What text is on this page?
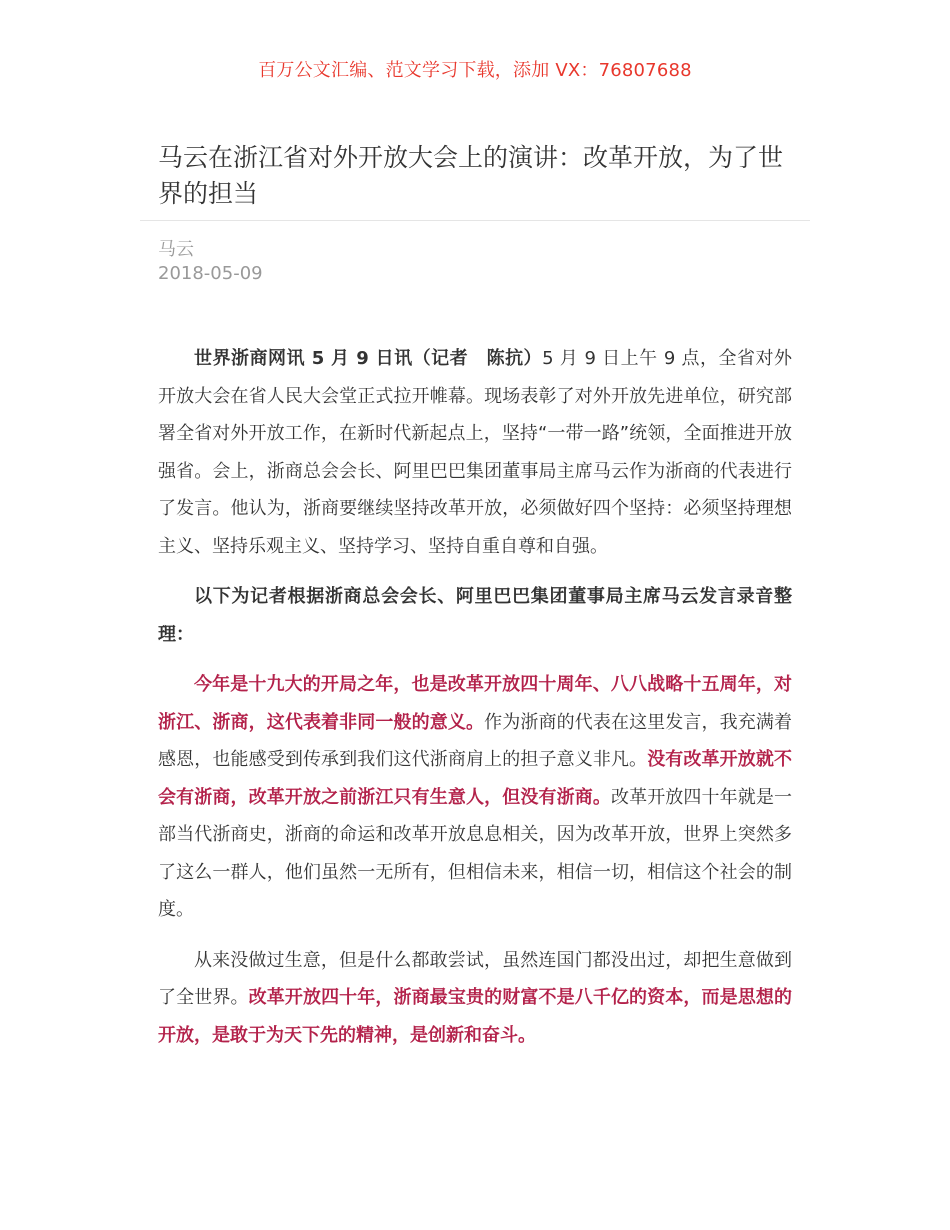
百万公文汇编、范文学习下载，添加 VX：76807688
马云在浙江省对外开放大会上的演讲：改革开放，为了世界的担当
马云
2018-05-09

世界浙商网讯 5 月 9 日讯（记者　陈抗）5 月 9 日上午 9 点，全省对外开放大会在省人民大会堂正式拉开帷幕。现场表彰了对外开放先进单位，研究部署全省对外开放工作，在新时代新起点上，坚持“一带一路”统领，全面推进开放强省。会上，浙商总会会长、阿里巴巴集团董事局主席马云作为浙商的代表进行了发言。他认为，浙商要继续坚持改革开放，必须做好四个坚持：必须坚持理想主义、坚持乐观主义、坚持学习、坚持自重自尊和自强。

以下为记者根据浙商总会会长、阿里巴巴集团董事局主席马云发言录音整理：

今年是十九大的开局之年，也是改革开放四十周年、八八战略十五周年，对浙江、浙商，这代表着非同一般的意义。作为浙商的代表在这里发言，我充满着感恩，也能感受到传承到我们这代浙商肩上的担子意义非凡。没有改革开放就不会有浙商，改革开放之前浙江只有生意人，但没有浙商。改革开放四十年就是一部当代浙商史，浙商的命运和改革开放息息相关，因为改革开放，世界上突然多了这么一群人，他们虽然一无所有，但相信未来，相信一切，相信这个社会的制度。

从来没做过生意，但是什么都敢尝试，虽然连国门都没出过，却把生意做到了全世界。改革开放四十年，浙商最宝贵的财富不是八千亿的资本，而是思想的开放，是敢于为天下先的精神，是创新和奋斗。
